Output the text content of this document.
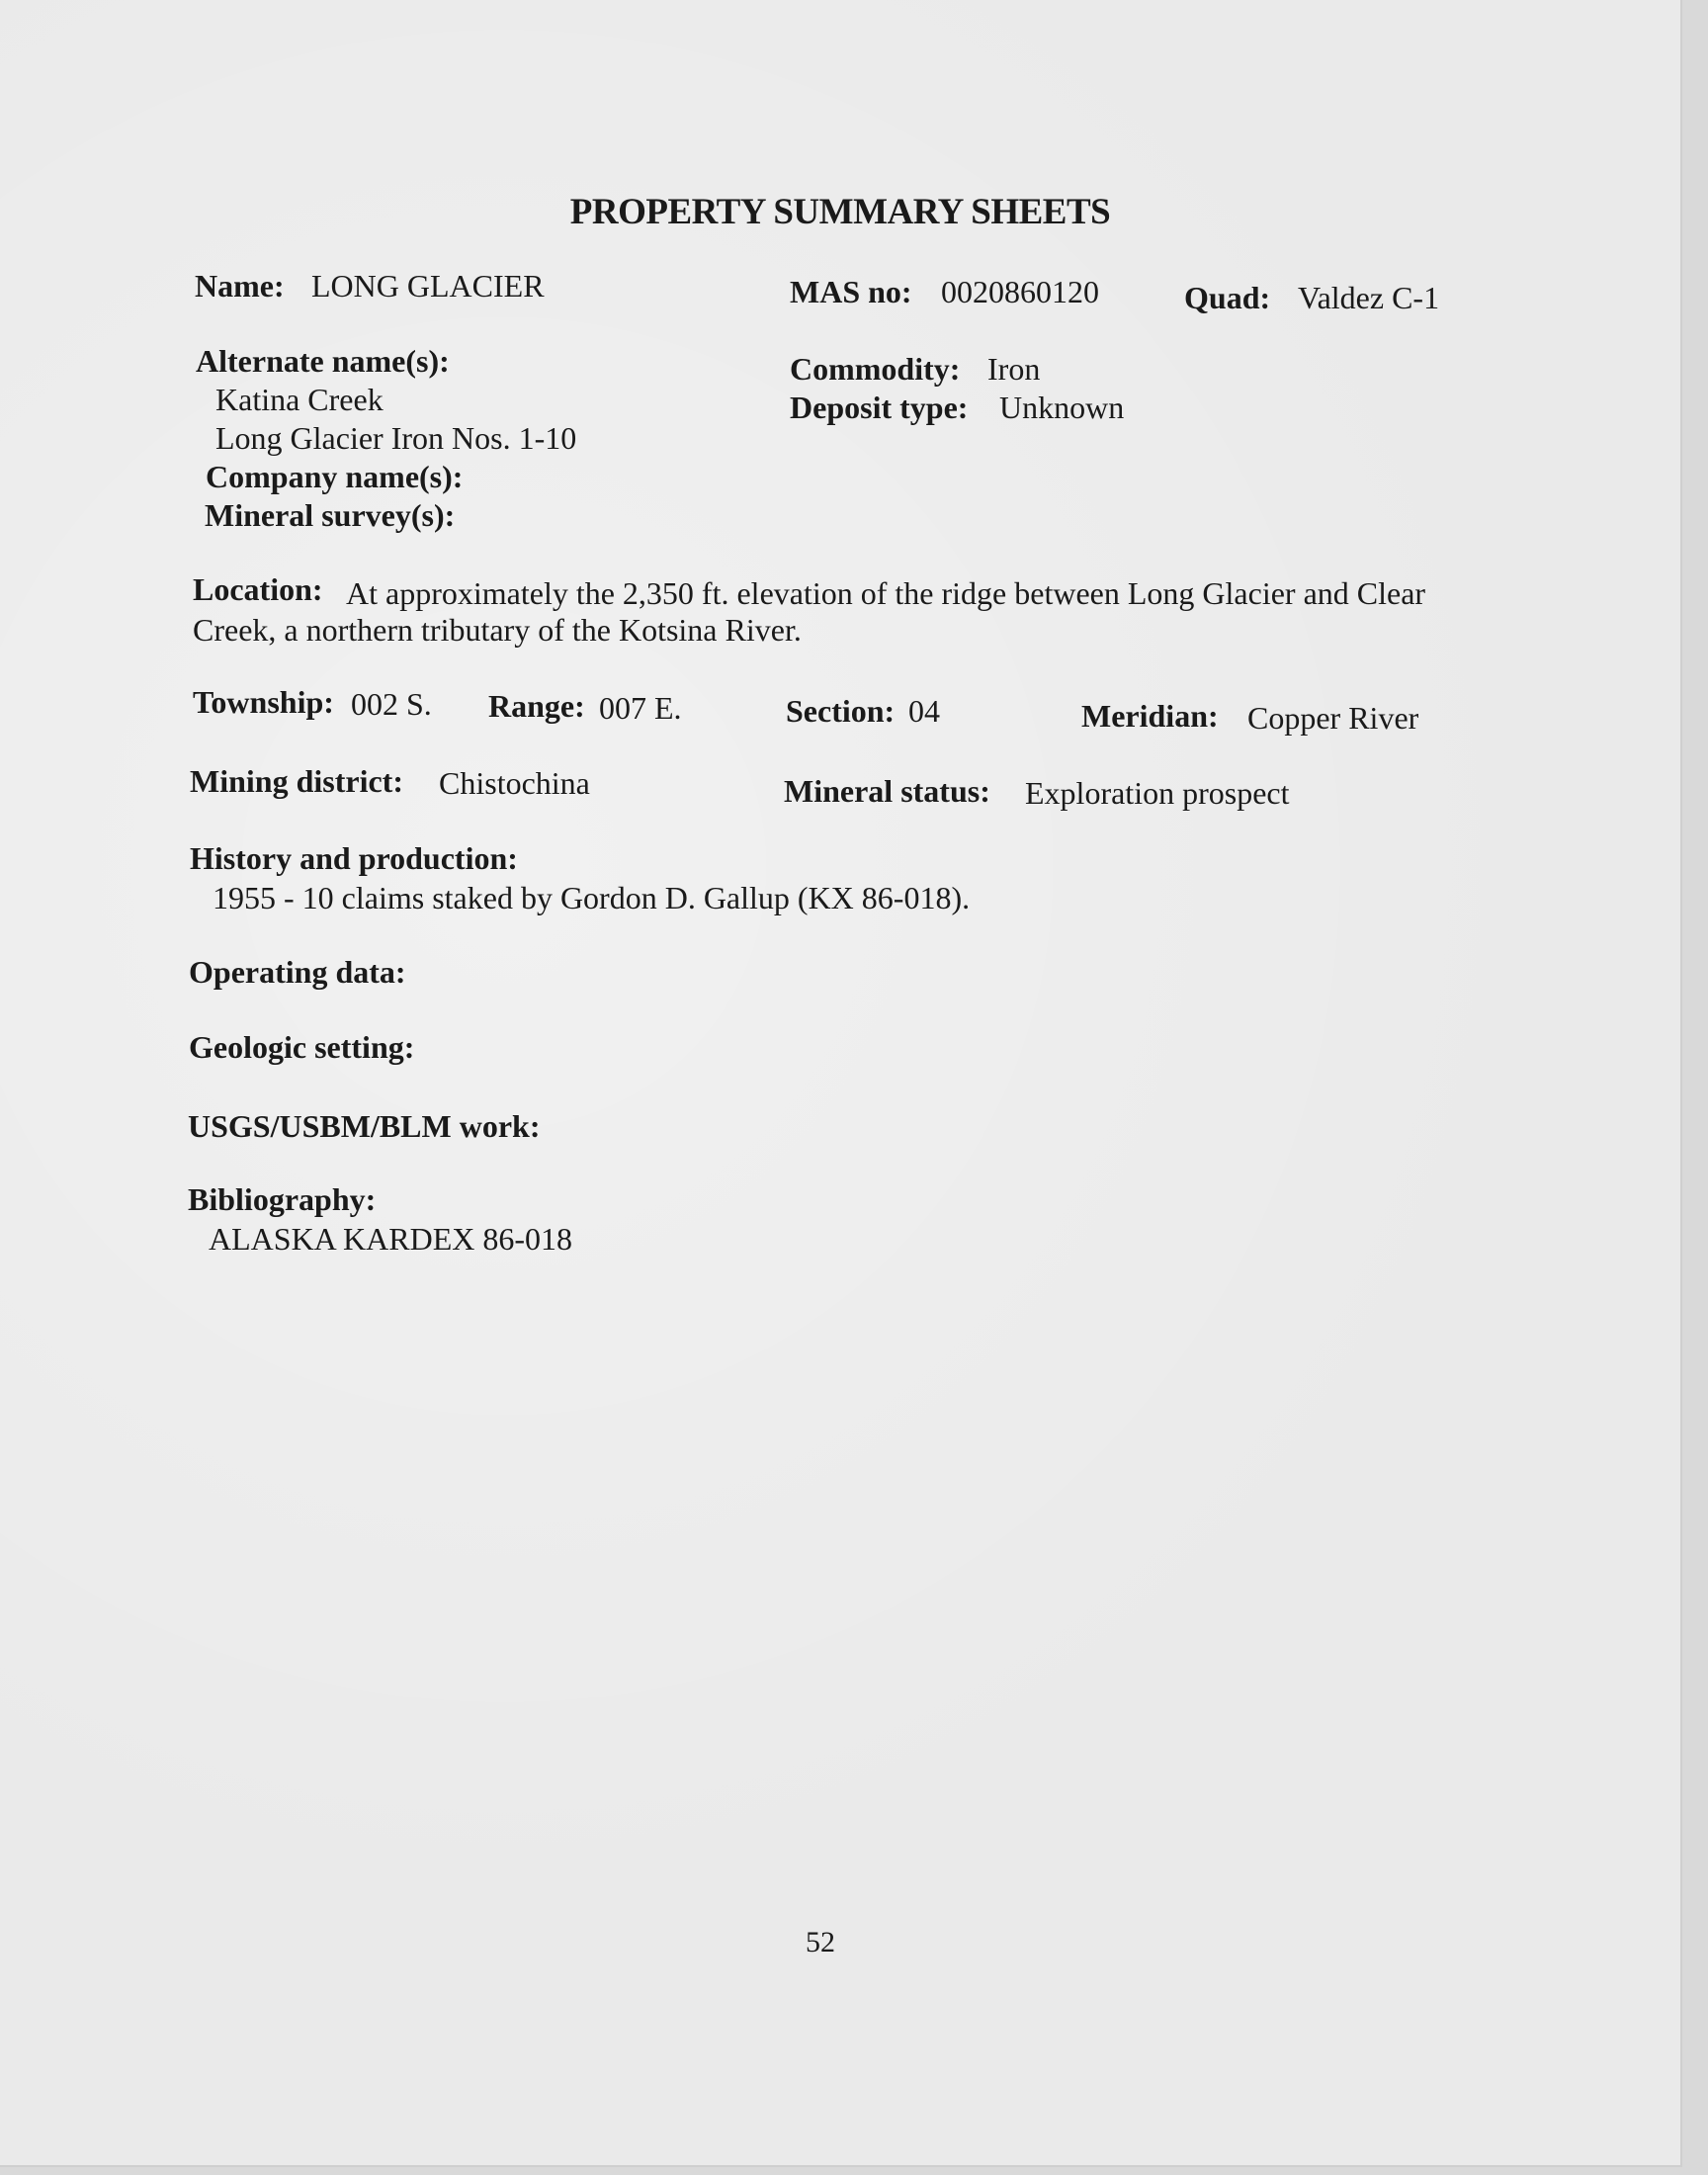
PROPERTY SUMMARY SHEETS
Name: LONG GLACIER	MAS no: 0020860120	Quad: Valdez C-1
Alternate name(s):
Katina Creek
Long Glacier Iron Nos. 1-10
Company name(s):
Mineral survey(s):
Commodity: Iron
Deposit type: Unknown
Location: At approximately the 2,350 ft. elevation of the ridge between Long Glacier and Clear
Creek, a northern tributary of the Kotsina River.
Township: 002 S. Range: 007 E.	Section: 04	Meridian: Copper River
Mining district: Chistochina	Mineral status: Exploration prospect
History and production:
1955 - 10 claims staked by Gordon D. Gallup (KX 86-018).
Operating data:
Geologic setting:
USGS/USBM/BLM work:
Bibliography:
ALASKA KARDEX 86-018
52
